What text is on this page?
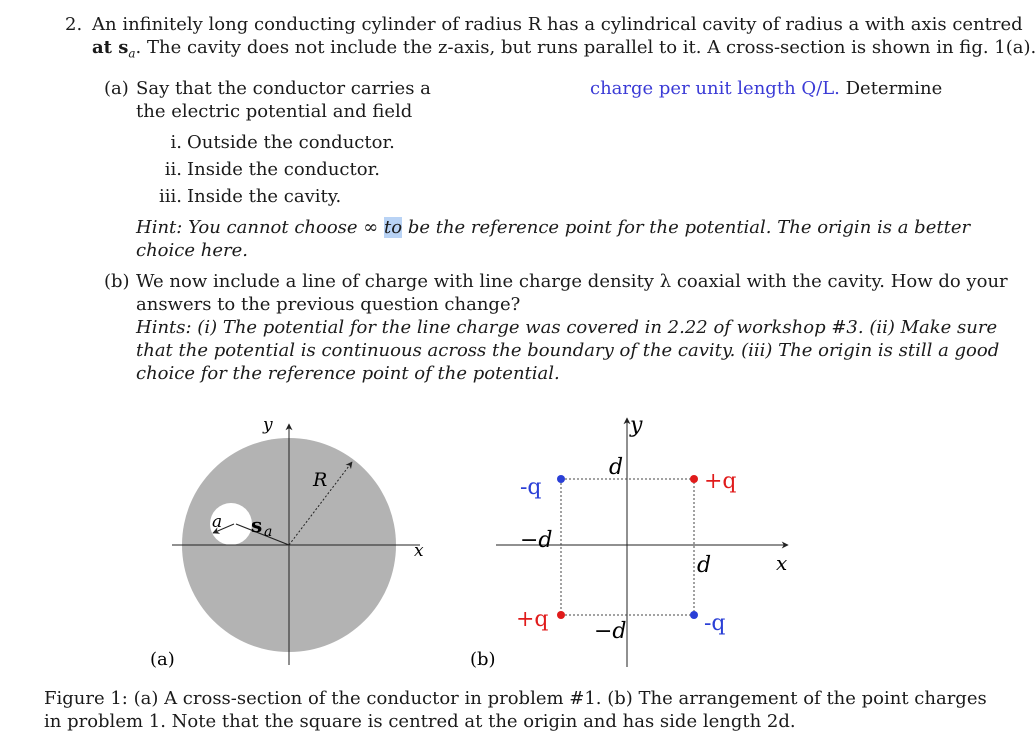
2. An infinitely long conducting cylinder of radius R has a cylindrical cavity of radius a with axis centred
at $s_a$. The cavity does not include the z-axis, but runs parallel to it. A cross-section is shown in fig. 1(a).
(a) Say that the conductor carries a	charge per unit length Q/L. Determine
the electric potential and field
i. Outside the conductor.
ii. Inside the conductor.
iii. Inside the cavity.
Hint: You cannot choose ∞ to be the reference point for the potential. The origin is a better
choice here.
(b) We now include a line of charge with line charge density λ coaxial with the cavity. How do your
answers to the previous question change?
Hints: (i) The potential for the line charge was covered in 2.22 of workshop #3. (ii) Make sure
that the potential is continuous across the boundary of the cavity. (iii) The origin is still a good
choice for the reference point of the potential.
y
x
R
a s a
(a)
y
x
d
−d
d
−d
-q	+q
+q	-q
(b)
Figure 1: (a) A cross-section of the conductor in problem #1. (b) The arrangement of the point charges
in problem 1. Note that the square is centred at the origin and has side length 2d.
